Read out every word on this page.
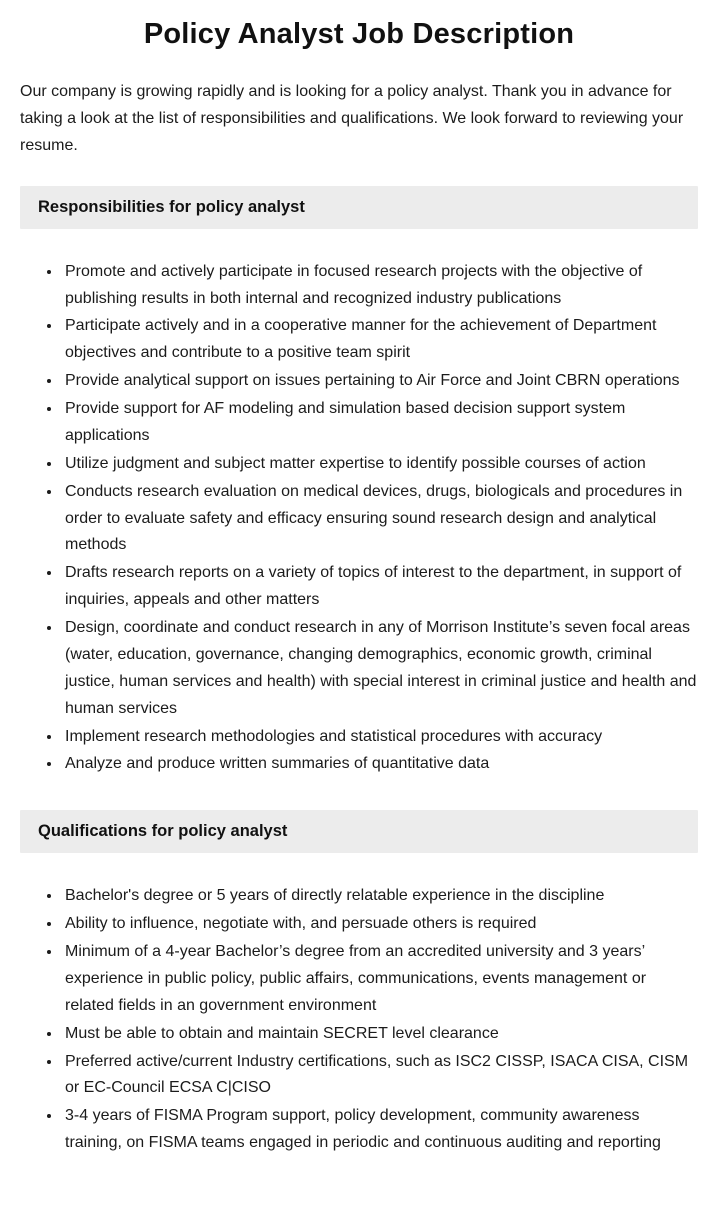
Policy Analyst Job Description

Our company is growing rapidly and is looking for a policy analyst. Thank you in advance for taking a look at the list of responsibilities and qualifications. We look forward to reviewing your resume.

Responsibilities for policy analyst
• Promote and actively participate in focused research projects with the objective of publishing results in both internal and recognized industry publications
• Participate actively and in a cooperative manner for the achievement of Department objectives and contribute to a positive team spirit
• Provide analytical support on issues pertaining to Air Force and Joint CBRN operations
• Provide support for AF modeling and simulation based decision support system applications
• Utilize judgment and subject matter expertise to identify possible courses of action
• Conducts research evaluation on medical devices, drugs, biologicals and procedures in order to evaluate safety and efficacy ensuring sound research design and analytical methods
• Drafts research reports on a variety of topics of interest to the department, in support of inquiries, appeals and other matters
• Design, coordinate and conduct research in any of Morrison Institute’s seven focal areas (water, education, governance, changing demographics, economic growth, criminal justice, human services and health) with special interest in criminal justice and health and human services
• Implement research methodologies and statistical procedures with accuracy
• Analyze and produce written summaries of quantitative data
Qualifications for policy analyst
• Bachelor's degree or 5 years of directly relatable experience in the discipline
• Ability to influence, negotiate with, and persuade others is required
• Minimum of a 4-year Bachelor’s degree from an accredited university and 3 years’ experience in public policy, public affairs, communications, events management or related fields in an government environment
• Must be able to obtain and maintain SECRET level clearance
• Preferred active/current Industry certifications, such as ISC2 CISSP, ISACA CISA, CISM or EC-Council ECSA C|CISO
• 3-4 years of FISMA Program support, policy development, community awareness training, on FISMA teams engaged in periodic and continuous auditing and reporting
